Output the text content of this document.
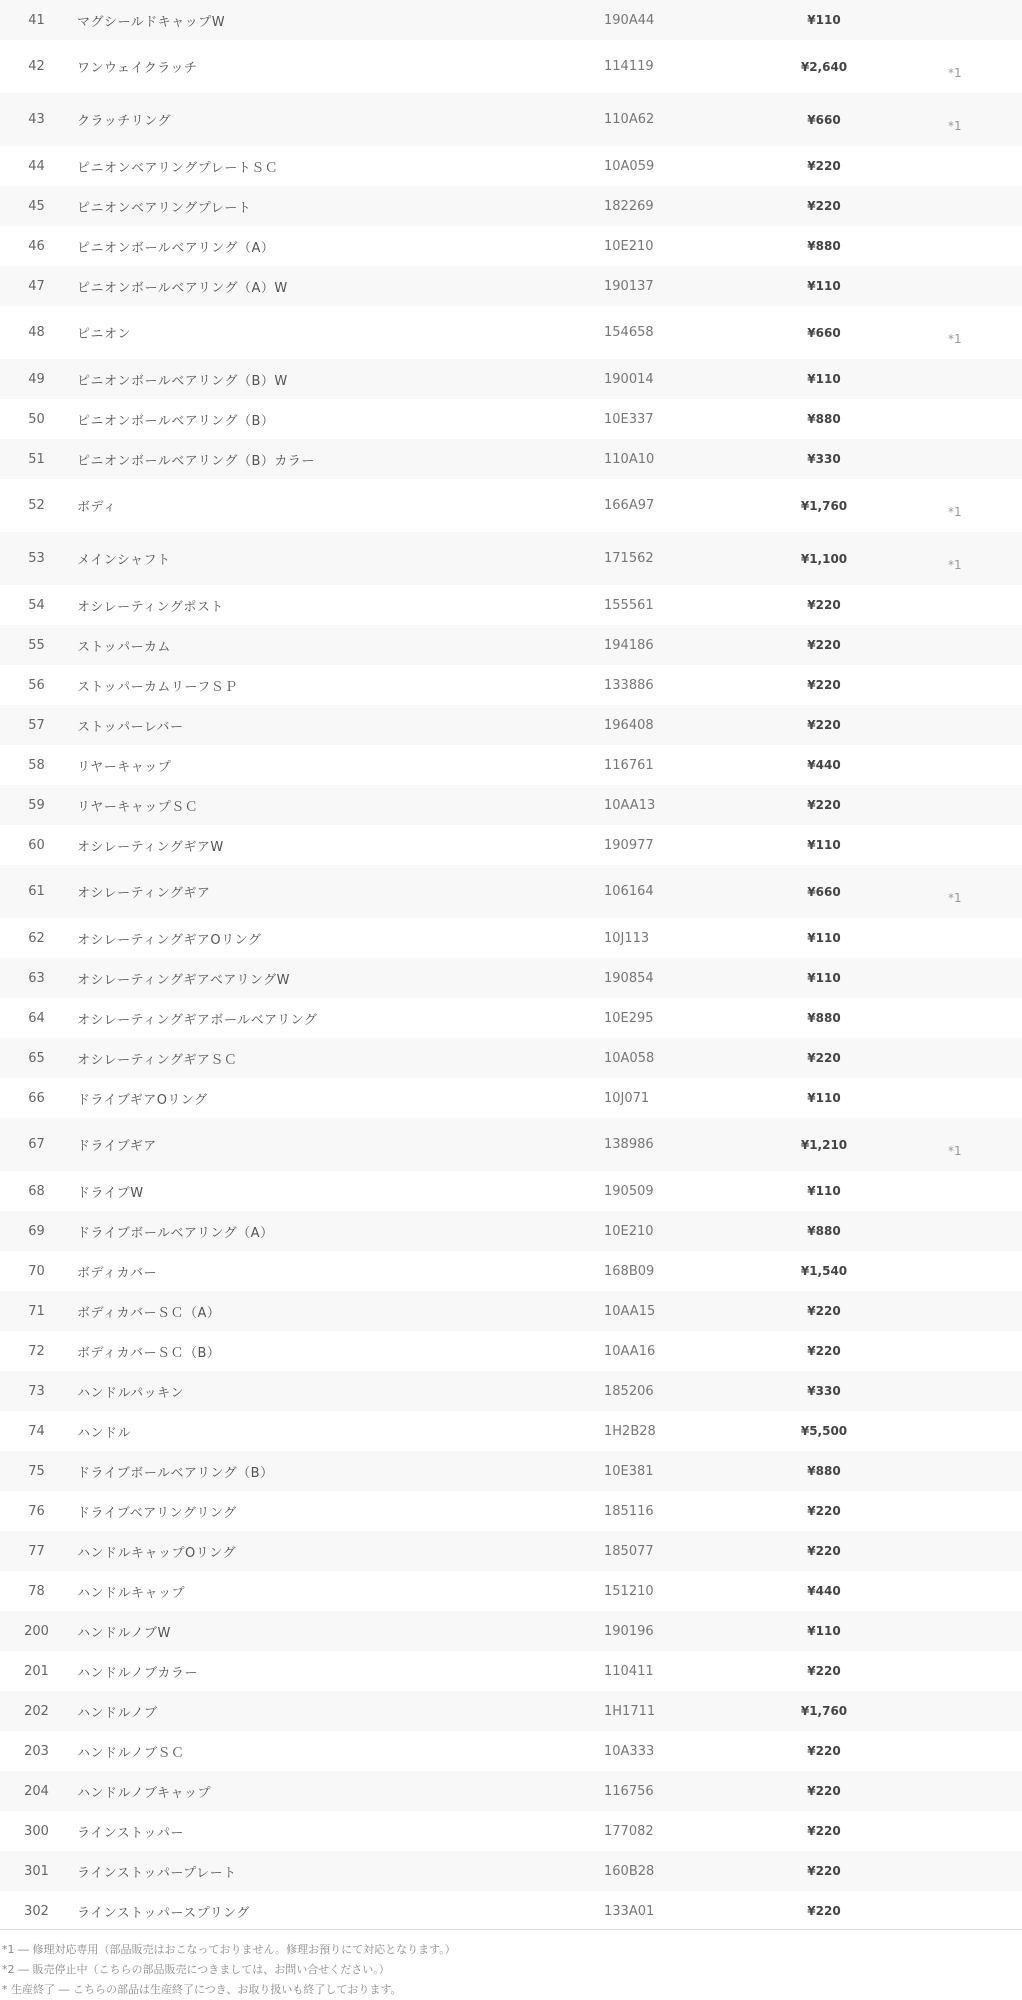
41	マグシールドキャップW	190A44	¥110
42	ワンウェイクラッチ	114119	¥2,640	*1
43	クラッチリング	110A62	¥660	*1
44	ピニオンベアリングプレートＳＣ	10A059	¥220
45	ピニオンベアリングプレート	182269	¥220
46	ピニオンボールベアリング（A）	10E210	¥880
47	ピニオンボールベアリング（A）W	190137	¥110
48	ピニオン	154658	¥660	*1
49	ピニオンボールベアリング（B）W	190014	¥110
50	ピニオンボールベアリング（B）	10E337	¥880
51	ピニオンボールベアリング（B）カラー	110A10	¥330
52	ボディ	166A97	¥1,760	*1
53	メインシャフト	171562	¥1,100	*1
54	オシレーティングポスト	155561	¥220
55	ストッパーカム	194186	¥220
56	ストッパーカムリーフＳＰ	133886	¥220
57	ストッパーレバー	196408	¥220
58	リヤーキャップ	116761	¥440
59	リヤーキャップＳＣ	10AA13	¥220
60	オシレーティングギアW	190977	¥110
61	オシレーティングギア	106164	¥660	*1
62	オシレーティングギアOリング	10J113	¥110
63	オシレーティングギアベアリングW	190854	¥110
64	オシレーティングギアボールベアリング	10E295	¥880
65	オシレーティングギアＳＣ	10A058	¥220
66	ドライブギアOリング	10J071	¥110
67	ドライブギア	138986	¥1,210	*1
68	ドライブW	190509	¥110
69	ドライブボールベアリング（A）	10E210	¥880
70	ボディカバー	168B09	¥1,540
71	ボディカバーＳＣ（A）	10AA15	¥220
72	ボディカバーＳＣ（B）	10AA16	¥220
73	ハンドルパッキン	185206	¥330
74	ハンドル	1H2B28	¥5,500
75	ドライブボールベアリング（B）	10E381	¥880
76	ドライブベアリングリング	185116	¥220
77	ハンドルキャップOリング	185077	¥220
78	ハンドルキャップ	151210	¥440
200	ハンドルノブW	190196	¥110
201	ハンドルノブカラー	110411	¥220
202	ハンドルノブ	1H1711	¥1,760
203	ハンドルノブＳＣ	10A333	¥220
204	ハンドルノブキャップ	116756	¥220
300	ラインストッパー	177082	¥220
301	ラインストッパープレート	160B28	¥220
302	ラインストッパースプリング	133A01	¥220
*1 ― 修理対応専用（部品販売はおこなっておりません。修理お預りにて対応となります。）
*2 ― 販売停止中（こちらの部品販売につきましては、お問い合せください。）
* 生産終了 ― こちらの部品は生産終了につき、お取り扱いも終了しております。
